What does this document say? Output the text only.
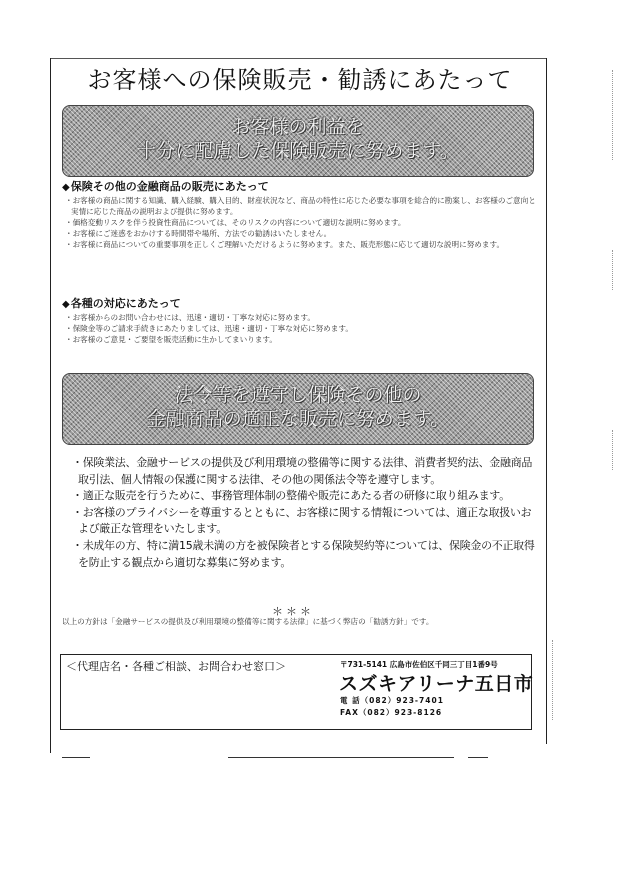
お客様への保険販売・勧誘にあたって
お客様の利益を
十分に配慮した保険販売に努めます。
◆保険その他の金融商品の販売にあたって
・お客様の商品に関する知識、購入経験、購入目的、財産状況など、商品の特性に応じた必要な事項を総合的に勘案し、お客様のご意向と実情に応じた商品の説明および提供に努めます。
・価格変動リスクを伴う投資性商品については、そのリスクの内容について適切な説明に努めます。
・お客様にご迷惑をおかけする時間帯や場所、方法での勧誘はいたしません。
・お客様に商品についての重要事項を正しくご理解いただけるように努めます。また、販売形態に応じて適切な説明に努めます。
◆各種の対応にあたって
・お客様からのお問い合わせには、迅速・適切・丁寧な対応に努めます。
・保険金等のご請求手続きにあたりましては、迅速・適切・丁寧な対応に努めます。
・お客様のご意見・ご要望を販売活動に生かしてまいります。
法令等を遵守し保険その他の
金融商品の適正な販売に努めます。
・保険業法、金融サービスの提供及び利用環境の整備等に関する法律、消費者契約法、金融商品取引法、個人情報の保護に関する法律、その他の関係法令等を遵守します。
・適正な販売を行うために、事務管理体制の整備や販売にあたる者の研修に取り組みます。
・お客様のプライバシーを尊重するとともに、お客様に関する情報については、適正な取扱いおよび厳正な管理をいたします。
・未成年の方、特に満15歳未満の方を被保険者とする保険契約等については、保険金の不正取得を防止する観点から適切な募集に努めます。
＊＊＊
以上の方針は「金融サービスの提供及び利用環境の整備等に関する法律」に基づく弊店の「勧誘方針」です。
＜代理店名・各種ご相談、お問合わせ窓口＞	〒731-5141 広島市佐伯区千同三丁目1番9号
スズキアリーナ五日市
電 話（082）923-7401
FAX（082）923-8126
